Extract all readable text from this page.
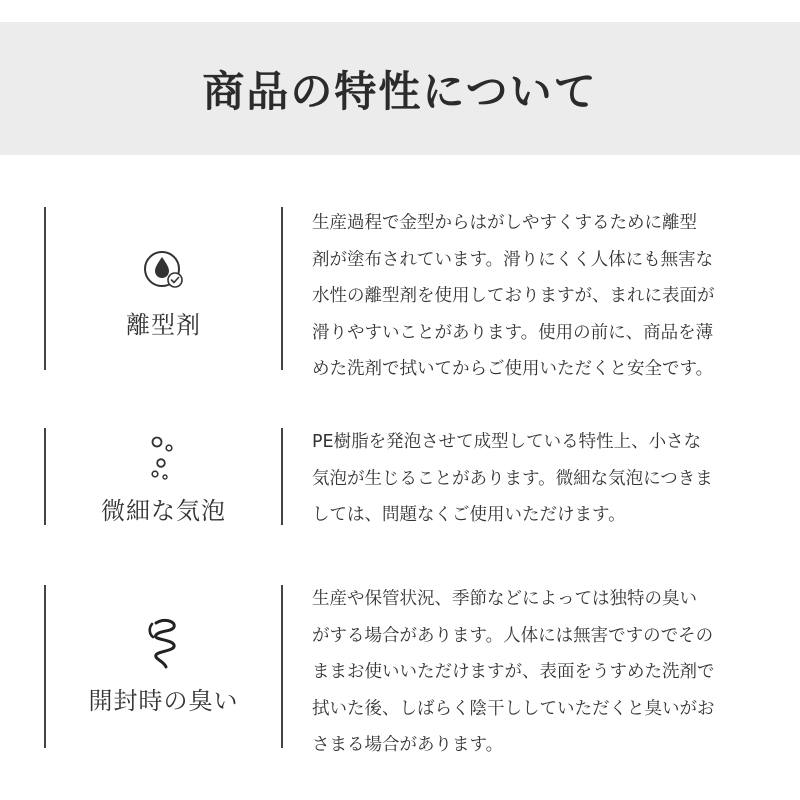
商品の特性について
離型剤
生産過程で金型からはがしやすくするために離型
剤が塗布されています。滑りにくく人体にも無害な
水性の離型剤を使用しておりますが、まれに表面が
滑りやすいことがあります。使用の前に、商品を薄
めた洗剤で拭いてからご使用いただくと安全です。
微細な気泡
PE樹脂を発泡させて成型している特性上、小さな
気泡が生じることがあります。微細な気泡につきま
しては、問題なくご使用いただけます。
開封時の臭い
生産や保管状況、季節などによっては独特の臭い
がする場合があります。人体には無害ですのでその
ままお使いいただけますが、表面をうすめた洗剤で
拭いた後、しばらく陰干ししていただくと臭いがお
さまる場合があります。
